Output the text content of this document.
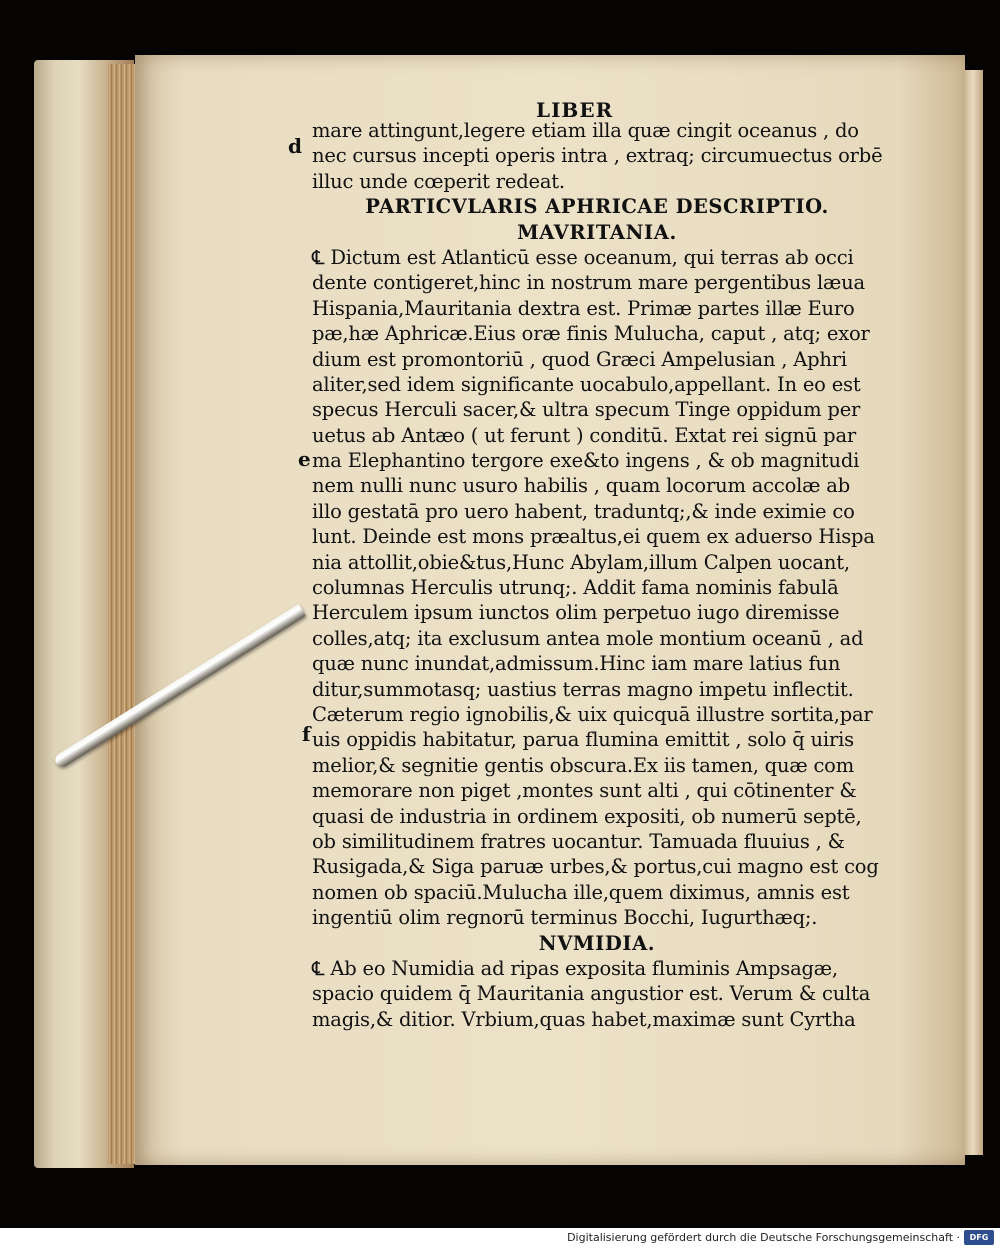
LIBER
d
e
f
mare attingunt,legere etiam illa quæ cingit oceanus , do
nec cursus incepti operis intra , extraq; circumuectus orbē
illuc unde cœperit redeat.
PARTICVLARIS APHRICAE DESCRIPTIO.
MAVRITANIA.
℄ Dictum est Atlanticū esse oceanum, qui terras ab occi
dente contigeret,hinc in nostrum mare pergentibus læua
Hispania,Mauritania dextra est. Primæ partes illæ Euro
pæ,hæ Aphricæ.Eius oræ finis Mulucha, caput , atq; exor
dium est promontoriū , quod Græci Ampelusian , Aphri
aliter,sed idem significante uocabulo,appellant. In eo est
specus Herculi sacer,& ultra specum Tinge oppidum per
uetus ab Antæo ( ut ferunt ) conditū. Extat rei signū par
ma Elephantino tergore exe&to ingens , & ob magnitudi
nem nulli nunc usuro habilis , quam locorum accolæ ab
illo gestatā pro uero habent, traduntq;,& inde eximie co
lunt. Deinde est mons præaltus,ei quem ex aduerso Hispa
nia attollit,obie&tus,Hunc Abylam,illum Calpen uocant,
columnas Herculis utrunq;. Addit fama nominis fabulā
Herculem ipsum iunctos olim perpetuo iugo diremisse
colles,atq; ita exclusum antea mole montium oceanū , ad
quæ nunc inundat,admissum.Hinc iam mare latius fun
ditur,summotasq; uastius terras magno impetu inflectit.
Cæterum regio ignobilis,& uix quicquā illustre sortita,par
uis oppidis habitatur, parua flumina emittit , solo q̄ uiris
melior,& segnitie gentis obscura.Ex iis tamen, quæ com
memorare non piget ,montes sunt alti , qui cōtinenter &
quasi de industria in ordinem expositi, ob numerū septē,
ob similitudinem fratres uocantur. Tamuada fluuius , &
Rusigada,& Siga paruæ urbes,& portus,cui magno est cog
nomen ob spaciū.Mulucha ille,quem diximus, amnis est
ingentiū olim regnorū terminus Bocchi, Iugurthæq;.
NVMIDIA.
℄ Ab eo Numidia ad ripas exposita fluminis Ampsagæ,
spacio quidem q̄ Mauritania angustior est. Verum & culta
magis,& ditior. Vrbium,quas habet,maximæ sunt Cyrtha
Digitalisierung gefördert durch die Deutsche Forschungsgemeinschaft ·	DFG
